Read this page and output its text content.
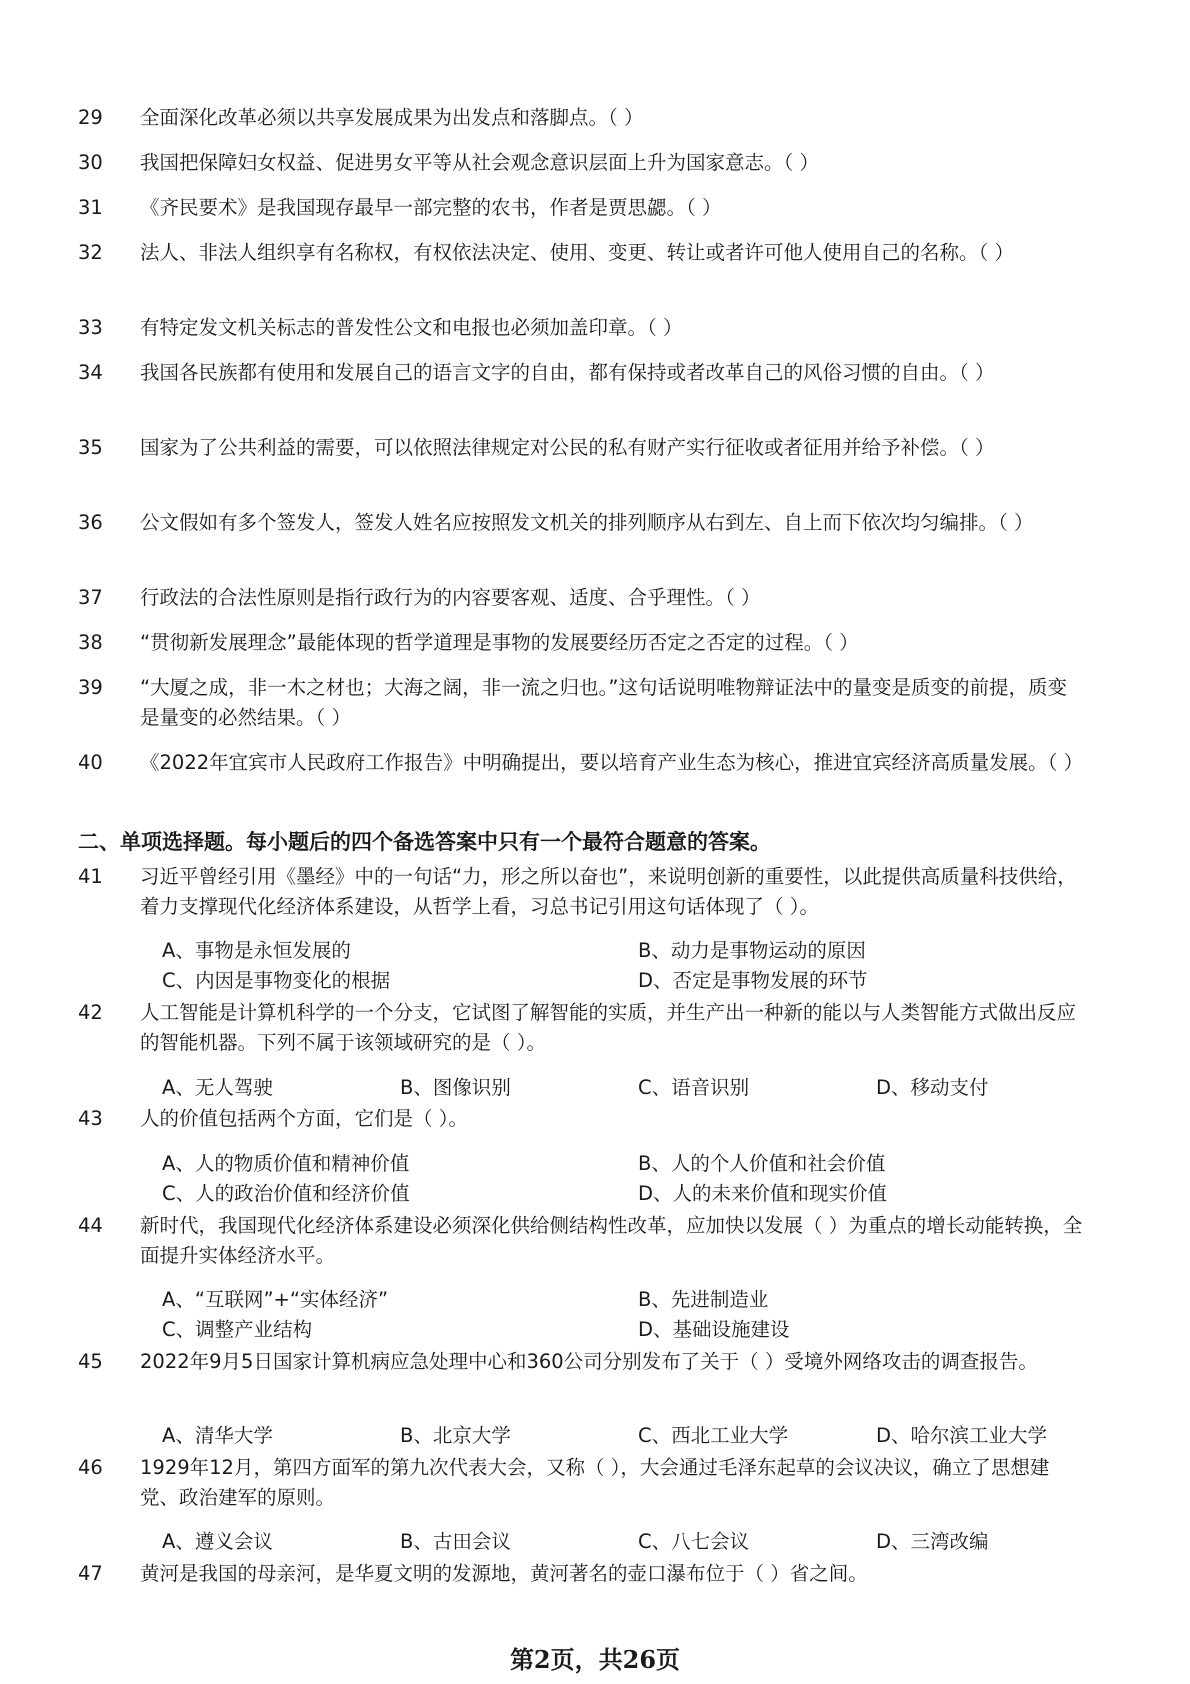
29	全面深化改革必须以共享发展成果为出发点和落脚点。（ ）
30	我国把保障妇女权益、促进男女平等从社会观念意识层面上升为国家意志。（ ）
31	《齐民要术》是我国现存最早一部完整的农书，作者是贾思勰。（ ）
32	法人、非法人组织享有名称权，有权依法决定、使用、变更、转让或者许可他人使用自己的名称。（ ）
33	有特定发文机关标志的普发性公文和电报也必须加盖印章。（ ）
34	我国各民族都有使用和发展自己的语言文字的自由，都有保持或者改革自己的风俗习惯的自由。（ ）
35	国家为了公共利益的需要，可以依照法律规定对公民的私有财产实行征收或者征用并给予补偿。（ ）
36	公文假如有多个签发人，签发人姓名应按照发文机关的排列顺序从右到左、自上而下依次均匀编排。（ ）
37	行政法的合法性原则是指行政行为的内容要客观、适度、合乎理性。（ ）
38	“贯彻新发展理念”最能体现的哲学道理是事物的发展要经历否定之否定的过程。（ ）
39	“大厦之成，非一木之材也；大海之阔，非一流之归也。”这句话说明唯物辩证法中的量变是质变的前提，质变是量变的必然结果。（ ）
40	《2022年宜宾市人民政府工作报告》中明确提出，要以培育产业生态为核心，推进宜宾经济高质量发展。（ ）
二、单项选择题。每小题后的四个备选答案中只有一个最符合题意的答案。
41	习近平曾经引用《墨经》中的一句话“力，形之所以奋也”，来说明创新的重要性，以此提供高质量科技供给，着力支撑现代化经济体系建设，从哲学上看，习总书记引用这句话体现了（ ）。
A、事物是永恒发展的	B、动力是事物运动的原因
C、内因是事物变化的根据	D、否定是事物发展的环节
42	人工智能是计算机科学的一个分支，它试图了解智能的实质，并生产出一种新的能以与人类智能方式做出反应的智能机器。下列不属于该领域研究的是（ ）。
A、无人驾驶	B、图像识别	C、语音识别	D、移动支付
43	人的价值包括两个方面，它们是（ ）。
A、人的物质价值和精神价值	B、人的个人价值和社会价值
C、人的政治价值和经济价值	D、人的未来价值和现实价值
44	新时代，我国现代化经济体系建设必须深化供给侧结构性改革，应加快以发展（ ）为重点的增长动能转换，全面提升实体经济水平。
A、“互联网”+“实体经济”	B、先进制造业
C、调整产业结构	D、基础设施建设
45	2022年9月5日国家计算机病应急处理中心和360公司分别发布了关于（ ）受境外网络攻击的调查报告。
A、清华大学	B、北京大学	C、西北工业大学	D、哈尔滨工业大学
46	1929年12月，第四方面军的第九次代表大会，又称（ ），大会通过毛泽东起草的会议决议，确立了思想建党、政治建军的原则。
A、遵义会议	B、古田会议	C、八七会议	D、三湾改编
47	黄河是我国的母亲河，是华夏文明的发源地，黄河著名的壶口瀑布位于（ ）省之间。
第2页，共26页
